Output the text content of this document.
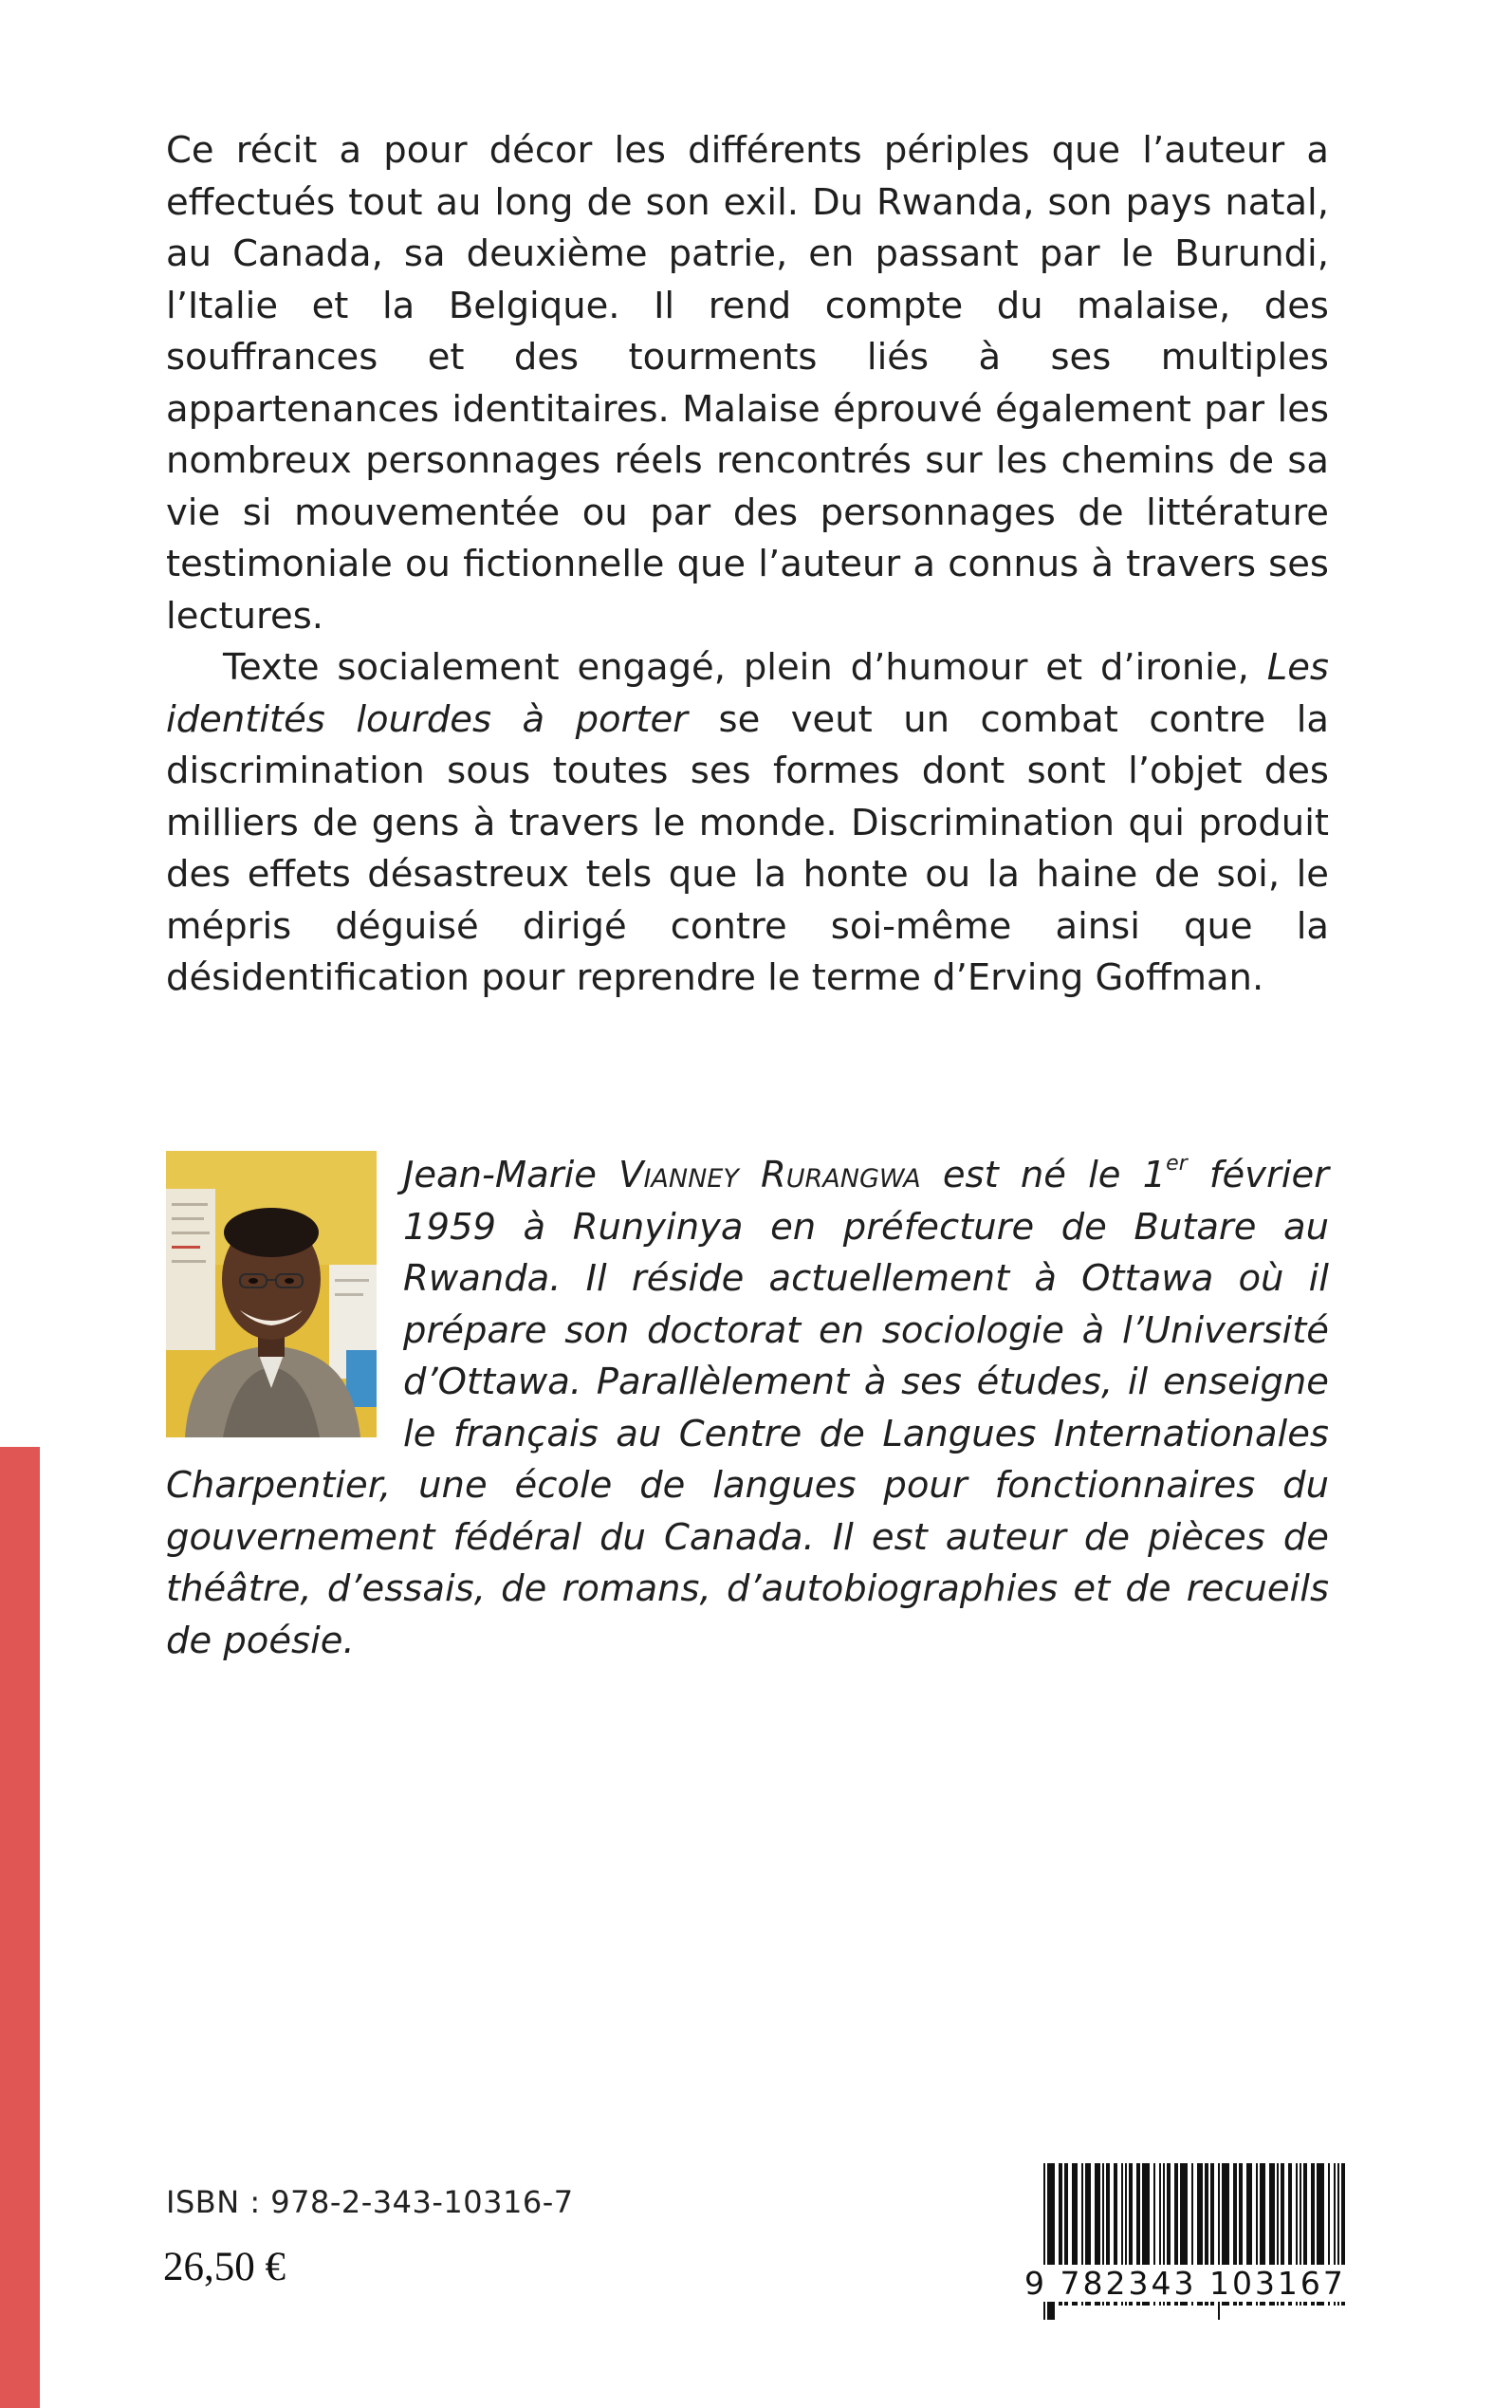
Ce récit a pour décor les différents périples que l’auteur a effectués tout au long de son exil. Du Rwanda, son pays natal, au Canada, sa deuxième patrie, en passant par le Burundi, l’Italie et la Belgique. Il rend compte du malaise, des souffrances et des tourments liés à ses multiples appartenances identitaires. Malaise éprouvé également par les nombreux personnages réels rencontrés sur les chemins de sa vie si mouvementée ou par des personnages de littérature testimoniale ou fictionnelle que l’auteur a connus à travers ses lectures.

Texte socialement engagé, plein d’humour et d’ironie, Les identités lourdes à porter se veut un combat contre la discrimination sous toutes ses formes dont sont l’objet des milliers de gens à travers le monde. Discrimination qui produit des effets désastreux tels que la honte ou la haine de soi, le mépris déguisé dirigé contre soi-même ainsi que la désidentification pour reprendre le terme d’Erving Goffman.

Jean-Marie Vianney Rurangwa est né le 1er février 1959 à Runyinya en préfecture de Butare au Rwanda. Il réside actuellement à Ottawa où il prépare son doctorat en sociologie à l’Université d’Ottawa. Parallèlement à ses études, il enseigne le français au Centre de Langues Internationales Charpentier, une école de langues pour fonctionnaires du gouvernement fédéral du Canada. Il est auteur de pièces de théâtre, d’essais, de romans, d’autobiographies et de recueils de poésie.

ISBN : 978-2-343-10316-7

26,50 €	9 782343 103167
